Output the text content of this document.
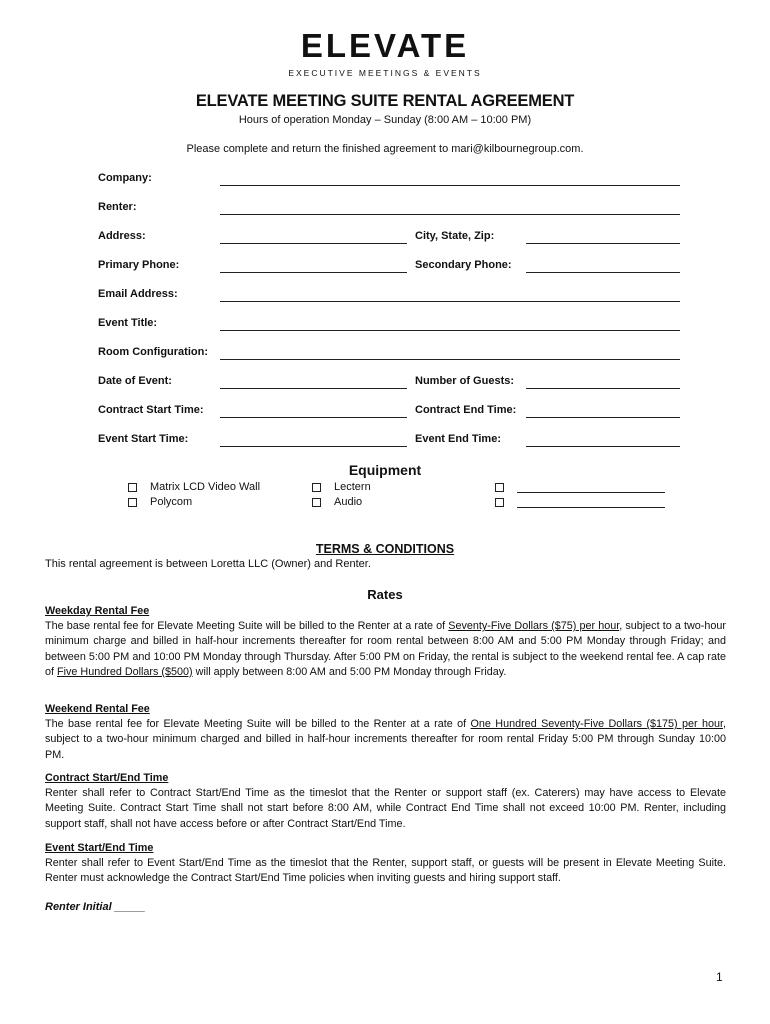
ELEVATE
EXECUTIVE MEETINGS & EVENTS
ELEVATE MEETING SUITE RENTAL AGREEMENT
Hours of operation Monday – Sunday (8:00 AM – 10:00 PM)
Please complete and return the finished agreement to mari@kilbournegroup.com.
Company:
Renter:
Address:	City, State, Zip:
Primary Phone:	Secondary Phone:
Email Address:
Event Title:
Room Configuration:
Date of Event:	Number of Guests:
Contract Start Time:	Contract End Time:
Event Start Time:	Event End Time:
Equipment
Matrix LCD Video Wall
Polycom
Lectern
Audio
TERMS & CONDITIONS
This rental agreement is between Loretta LLC (Owner) and Renter.
Rates
Weekday Rental Fee
The base rental fee for Elevate Meeting Suite will be billed to the Renter at a rate of Seventy-Five Dollars ($75) per hour, subject to a two-hour minimum charge and billed in half-hour increments thereafter for room rental between 8:00 AM and 5:00 PM Monday through Friday; and between 5:00 PM and 10:00 PM Monday through Thursday. After 5:00 PM on Friday, the rental is subject to the weekend rental fee. A cap rate of Five Hundred Dollars ($500) will apply between 8:00 AM and 5:00 PM Monday through Friday.
Weekend Rental Fee
The base rental fee for Elevate Meeting Suite will be billed to the Renter at a rate of One Hundred Seventy-Five Dollars ($175) per hour, subject to a two-hour minimum charged and billed in half-hour increments thereafter for room rental Friday 5:00 PM through Sunday 10:00 PM.
Contract Start/End Time
Renter shall refer to Contract Start/End Time as the timeslot that the Renter or support staff (ex. Caterers) may have access to Elevate Meeting Suite. Contract Start Time shall not start before 8:00 AM, while Contract End Time shall not exceed 10:00 PM. Renter, including support staff, shall not have access before or after Contract Start/End Time.
Event Start/End Time
Renter shall refer to Event Start/End Time as the timeslot that the Renter, support staff, or guests will be present in Elevate Meeting Suite. Renter must acknowledge the Contract Start/End Time policies when inviting guests and hiring support staff.
Renter Initial _____
1
